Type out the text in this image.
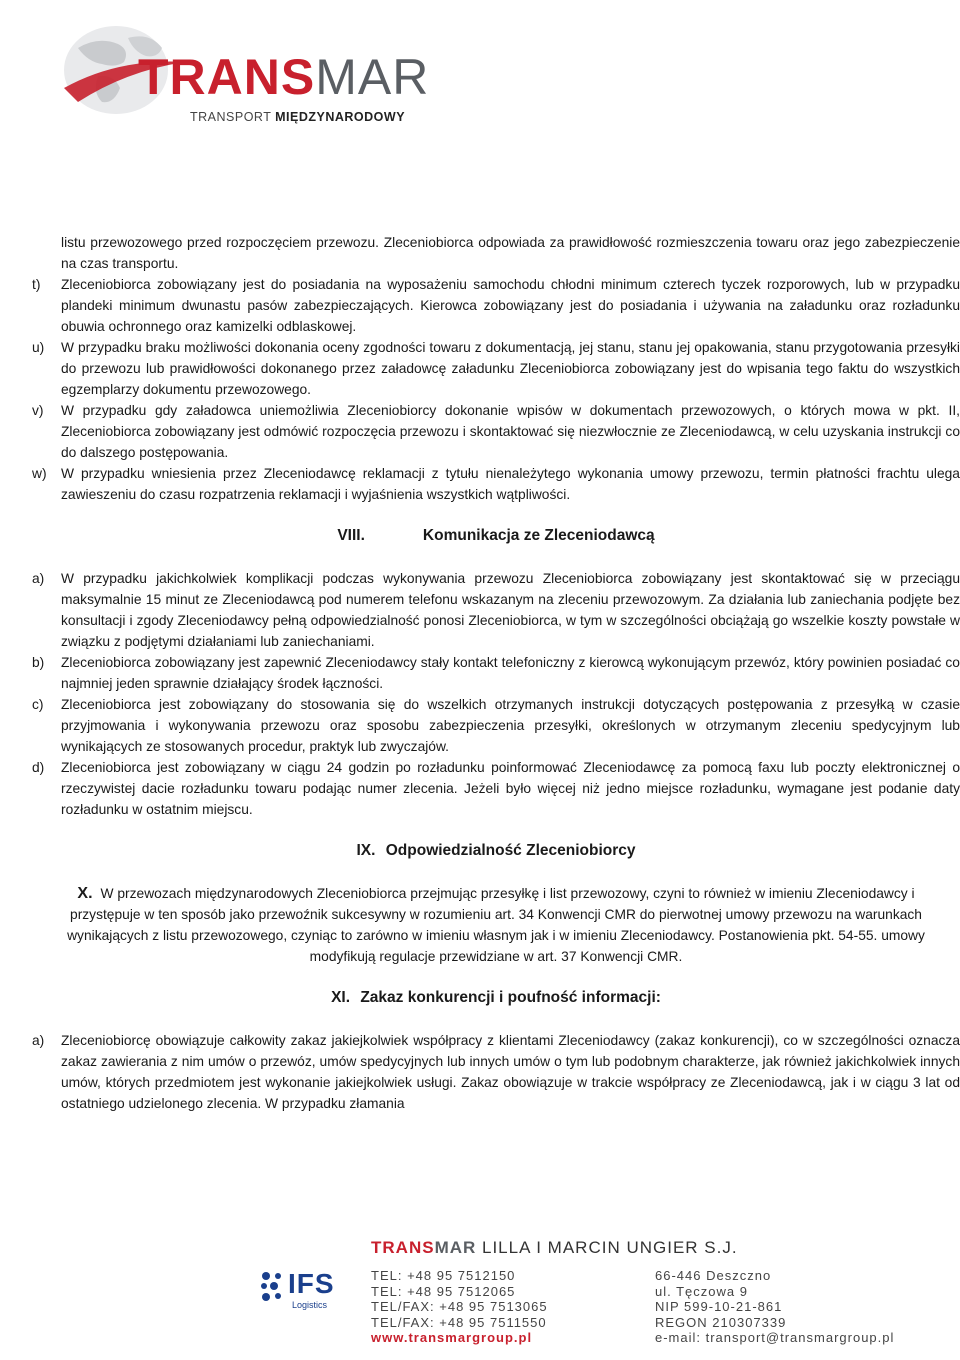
TRANSMAR
TRANSPORT MIĘDZYNARODOWY
listu przewozowego przed rozpoczęciem przewozu. Zleceniobiorca odpowiada za prawidłowość rozmieszczenia towaru oraz jego zabezpieczenie na czas transportu.
t) Zleceniobiorca zobowiązany jest do posiadania na wyposażeniu samochodu chłodni minimum czterech tyczek rozporowych, lub w przypadku plandeki minimum dwunastu pasów zabezpieczających. Kierowca zobowiązany jest do posiadania i używania na załadunku oraz rozładunku obuwia ochronnego oraz kamizelki odblaskowej.
u) W przypadku braku możliwości dokonania oceny zgodności towaru z dokumentacją, jej stanu, stanu jej opakowania, stanu przygotowania przesyłki do przewozu lub prawidłowości dokonanego przez załadowcę załadunku Zleceniobiorca zobowiązany jest do wpisania tego faktu do wszystkich egzemplarzy dokumentu przewozowego.
v) W przypadku gdy załadowca uniemożliwia Zleceniobiorcy dokonanie wpisów w dokumentach przewozowych, o których mowa w pkt. II, Zleceniobiorca zobowiązany jest odmówić rozpoczęcia przewozu i skontaktować się niezwłocznie ze Zleceniodawcą, w celu uzyskania instrukcji co do dalszego postępowania.
w) W przypadku wniesienia przez Zleceniodawcę reklamacji z tytułu nienależytego wykonania umowy przewozu, termin płatności frachtu ulega zawieszeniu do czasu rozpatrzenia reklamacji i wyjaśnienia wszystkich wątpliwości.
VIII.	Komunikacja ze Zleceniodawcą
a) W przypadku jakichkolwiek komplikacji podczas wykonywania przewozu Zleceniobiorca zobowiązany jest skontaktować się w przeciągu maksymalnie 15 minut ze Zleceniodawcą pod numerem telefonu wskazanym na zleceniu przewozowym. Za działania lub zaniechania podjęte bez konsultacji i zgody Zleceniodawcy pełną odpowiedzialność ponosi Zleceniobiorca, w tym w szczególności obciążają go wszelkie koszty powstałe w związku z podjętymi działaniami lub zaniechaniami.
b) Zleceniobiorca zobowiązany jest zapewnić Zleceniodawcy stały kontakt telefoniczny z kierowcą wykonującym przewóz, który powinien posiadać co najmniej jeden sprawnie działający środek łączności.
c) Zleceniobiorca jest zobowiązany do stosowania się do wszelkich otrzymanych instrukcji dotyczących postępowania z przesyłką w czasie przyjmowania i wykonywania przewozu oraz sposobu zabezpieczenia przesyłki, określonych w otrzymanym zleceniu spedycyjnym lub wynikających ze stosowanych procedur, praktyk lub zwyczajów.
d) Zleceniobiorca jest zobowiązany w ciągu 24 godzin po rozładunku poinformować Zleceniodawcę za pomocą faxu lub poczty elektronicznej o rzeczywistej dacie rozładunku towaru podając numer zlecenia. Jeżeli było więcej niż jedno miejsce rozładunku, wymagane jest podanie daty rozładunku w ostatnim miejscu.
IX. Odpowiedzialność Zleceniobiorcy
X. W przewozach międzynarodowych Zleceniobiorca przejmując przesyłkę i list przewozowy, czyni to również w imieniu Zleceniodawcy i przystępuje w ten sposób jako przewoźnik sukcesywny w rozumieniu art. 34 Konwencji CMR do pierwotnej umowy przewozu na warunkach wynikających z listu przewozowego, czyniąc to zarówno w imieniu własnym jak i w imieniu Zleceniodawcy. Postanowienia pkt. 54-55. umowy modyfikują regulacje przewidziane w art. 37 Konwencji CMR.
XI. Zakaz konkurencji i poufność informacji:
a) Zleceniobiorcę obowiązuje całkowity zakaz jakiejkolwiek współpracy z klientami Zleceniodawcy (zakaz konkurencji), co w szczególności oznacza zakaz zawierania z nim umów o przewóz, umów spedycyjnych lub innych umów o tym lub podobnym charakterze, jak również jakichkolwiek innych umów, których przedmiotem jest wykonanie jakiejkolwiek usługi. Zakaz obowiązuje w trakcie współpracy ze Zleceniodawcą, jak i w ciągu 3 lat od ostatniego udzielonego zlecenia. W przypadku złamania
TRANSMAR LILLA I MARCIN UNGIER S.J.
IFS
Logistics
TEL: +48 95 7512150
TEL: +48 95 7512065
TEL/FAX: +48 95 7513065
TEL/FAX: +48 95 7511550
www.transmargroup.pl
66-446 Deszczno
ul. Tęczowa 9
NIP 599-10-21-861
REGON 210307339
e-mail: transport@transmargroup.pl
